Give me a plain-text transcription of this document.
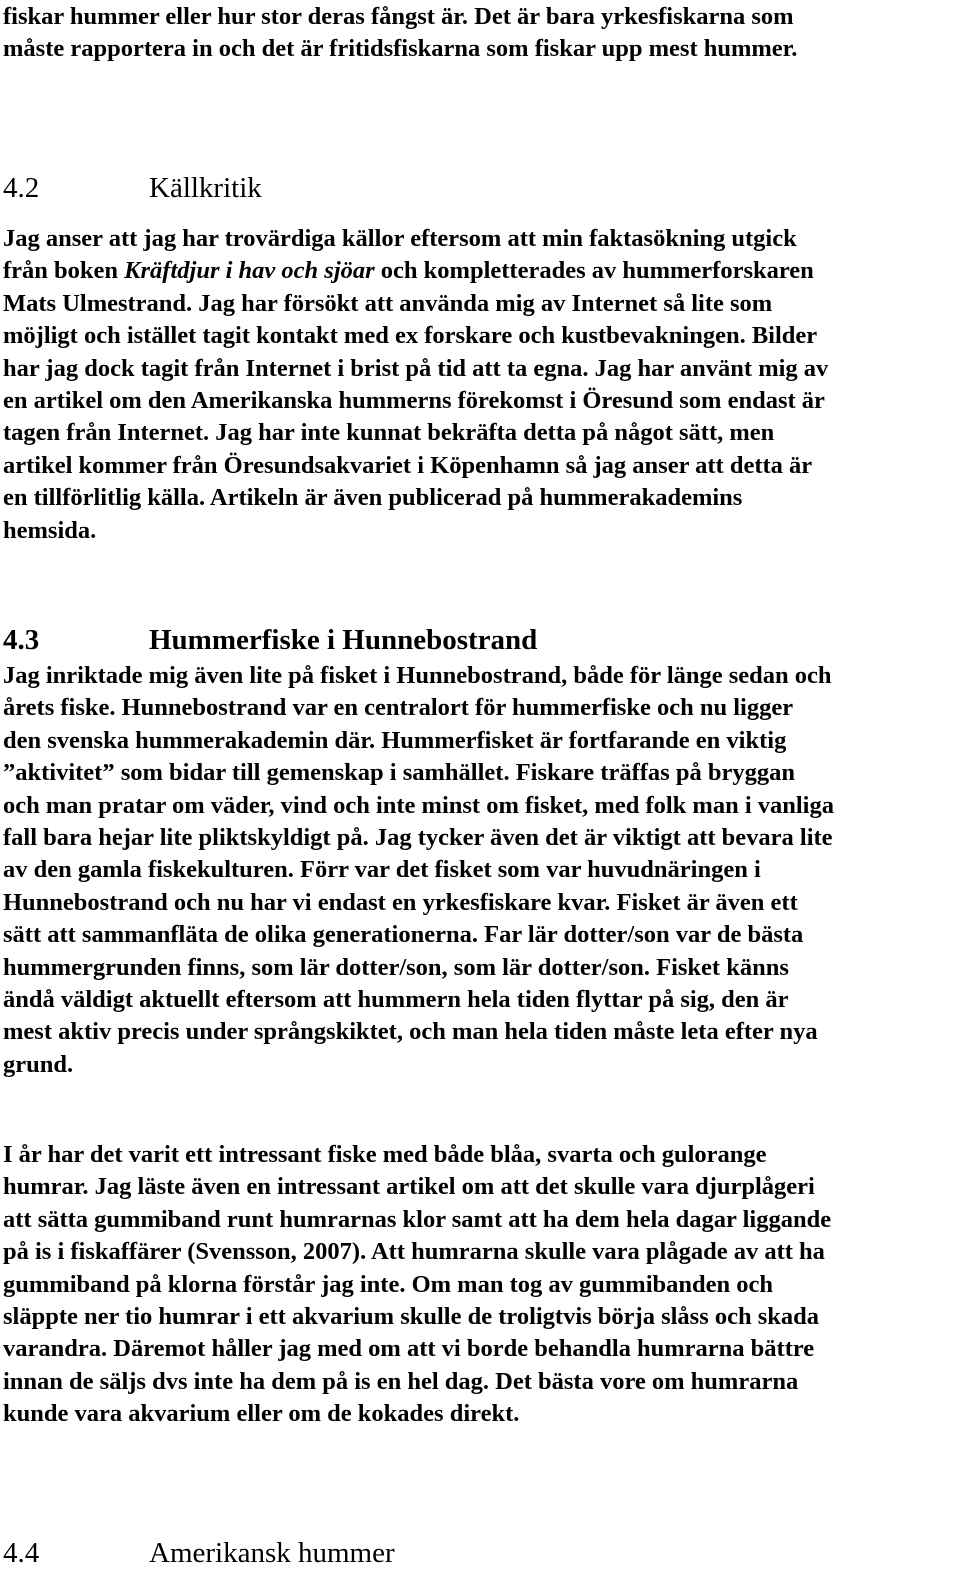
fiskar hummer eller hur stor deras fångst är. Det är bara yrkesfiskarna som
måste rapportera in och det är fritidsfiskarna som fiskar upp mest hummer.
4.2	Källkritik
Jag anser att jag har trovärdiga källor eftersom att min faktasökning utgick
från boken Kräftdjur i hav och sjöar och kompletterades av hummerforskaren
Mats Ulmestrand. Jag har försökt att använda mig av Internet så lite som
möjligt och istället tagit kontakt med ex forskare och kustbevakningen. Bilder
har jag dock tagit från Internet i brist på tid att ta egna. Jag har använt mig av
en artikel om den Amerikanska hummerns förekomst i Öresund som endast är
tagen från Internet. Jag har inte kunnat bekräfta detta på något sätt, men
artikel kommer från Öresundsakvariet i Köpenhamn så jag anser att detta är
en tillförlitlig källa. Artikeln är även publicerad på hummerakademins
hemsida.
4.3	Hummerfiske i Hunnebostrand
Jag inriktade mig även lite på fisket i Hunnebostrand, både för länge sedan och
årets fiske. Hunnebostrand var en centralort för hummerfiske och nu ligger
den svenska hummerakademin där. Hummerfisket är fortfarande en viktig
”aktivitet” som bidar till gemenskap i samhället. Fiskare träffas på bryggan
och man pratar om väder, vind och inte minst om fisket, med folk man i vanliga
fall bara hejar lite pliktskyldigt på. Jag tycker även det är viktigt att bevara lite
av den gamla fiskekulturen. Förr var det fisket som var huvudnäringen i
Hunnebostrand och nu har vi endast en yrkesfiskare kvar. Fisket är även ett
sätt att sammanfläta de olika generationerna. Far lär dotter/son var de bästa
hummergrunden finns, som lär dotter/son, som lär dotter/son. Fisket känns
ändå väldigt aktuellt eftersom att hummern hela tiden flyttar på sig, den är
mest aktiv precis under språngskiktet, och man hela tiden måste leta efter nya
grund.
I år har det varit ett intressant fiske med både blåa, svarta och gulorange
humrar. Jag läste även en intressant artikel om att det skulle vara djurplågeri
att sätta gummiband runt humrarnas klor samt att ha dem hela dagar liggande
på is i fiskaffärer (Svensson, 2007). Att humrarna skulle vara plågade av att ha
gummiband på klorna förstår jag inte. Om man tog av gummibanden och
släppte ner tio humrar i ett akvarium skulle de troligtvis börja slåss och skada
varandra. Däremot håller jag med om att vi borde behandla humrarna bättre
innan de säljs dvs inte ha dem på is en hel dag. Det bästa vore om humrarna
kunde vara akvarium eller om de kokades direkt.
4.4	Amerikansk hummer
